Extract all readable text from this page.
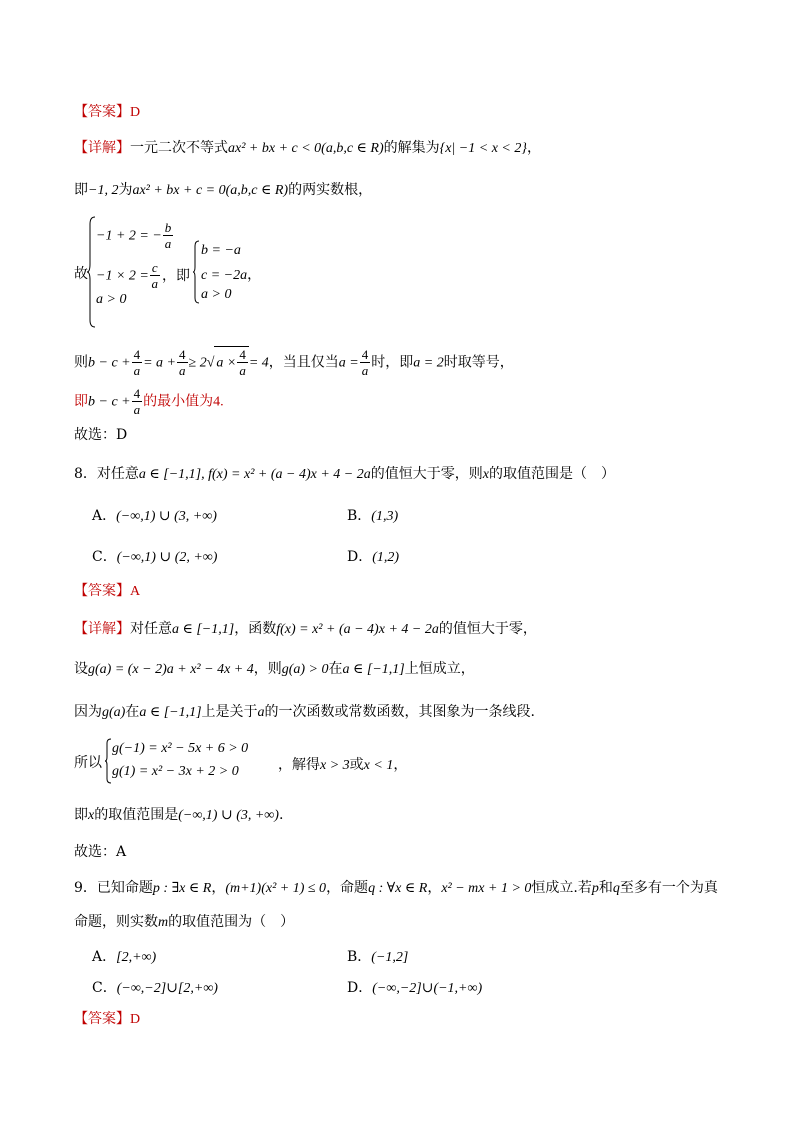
【答案】D
【详解】一元二次不等式ax² + bx + c < 0(a,b,c ∈ R)的解集为{x| −1 < x < 2}，
即−1, 2为ax² + bx + c = 0(a,b,c ∈ R)的两实数根，
故
−1 + 2 = − $\frac{b}{a}$
$-1 \times 2 = \frac{c}{a}$
a > 0
，即
b = −a
c = −2a，
a > 0
则$b - c + \frac{4}{a} = a + \frac{4}{a} \ge 2√$ $a \times \frac{4}{a} = 4$，当且仅当$a = \frac{4}{a}$ 时，即a = 2时取等号，
即$b - c + \frac{4}{a}$ 的最小值为4.
故选：D
8．对任意a ∈ [−1,1], f(x) = x² + (a − 4)x + 4 − 2a的值恒大于零，则x的取值范围是（　）
A．(−∞,1) ∪ (3, +∞)	B．(1,3)
C．(−∞,1) ∪ (2, +∞)	D．(1,2)
【答案】A
【详解】对任意a ∈ [−1,1]，函数f(x) = x² + (a − 4)x + 4 − 2a的值恒大于零，
设g(a) = (x − 2)a + x² − 4x + 4，则g(a) > 0在a ∈ [−1,1]上恒成立，
因为g(a)在a ∈ [−1,1]上是关于a的一次函数或常数函数，其图象为一条线段.
所以
g(−1) = x² − 5x + 6 > 0
g(1) = x² − 3x + 2 > 0	，解得x > 3或x < 1，
即x的取值范围是(−∞,1) ∪ (3, +∞).
故选：A
9．已知命题p : ∃x ∈ R，(m+1)(x² + 1) ≤ 0，命题q : ∀x ∈ R，x² − mx + 1 > 0恒成立.若p和q至多有一个为真
命题，则实数m的取值范围为（　）
A．[2,+∞)	B．(−1,2]
C．(−∞,−2]∪[2,+∞)	D．(−∞,−2]∪(−1,+∞)
【答案】D
